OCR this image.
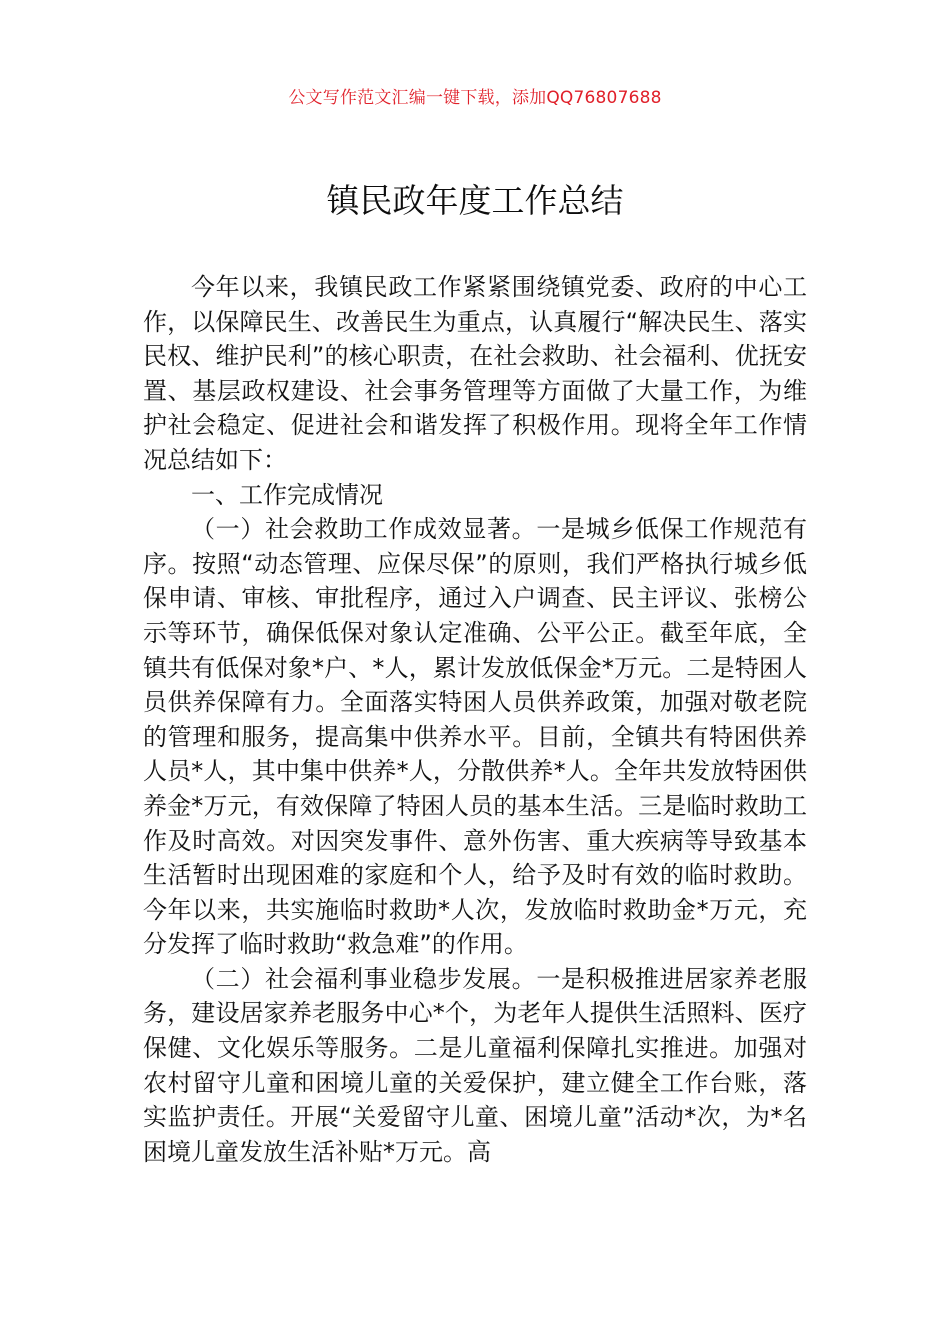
公文写作范文汇编一键下载，添加QQ76807688
镇民政年度工作总结

今年以来，我镇民政工作紧紧围绕镇党委、政府的中心工作，以保障民生、改善民生为重点，认真履行“解决民生、落实民权、维护民利”的核心职责，在社会救助、社会福利、优抚安置、基层政权建设、社会事务管理等方面做了大量工作，为维护社会稳定、促进社会和谐发挥了积极作用。现将全年工作情况总结如下：

一、工作完成情况

（一）社会救助工作成效显著。一是城乡低保工作规范有序。按照“动态管理、应保尽保”的原则，我们严格执行城乡低保申请、审核、审批程序，通过入户调查、民主评议、张榜公示等环节，确保低保对象认定准确、公平公正。截至年底，全镇共有低保对象*户、*人，累计发放低保金*万元。二是特困人员供养保障有力。全面落实特困人员供养政策，加强对敬老院的管理和服务，提高集中供养水平。目前，全镇共有特困供养人员*人，其中集中供养*人，分散供养*人。全年共发放特困供养金*万元，有效保障了特困人员的基本生活。三是临时救助工作及时高效。对因突发事件、意外伤害、重大疾病等导致基本生活暂时出现困难的家庭和个人，给予及时有效的临时救助。今年以来，共实施临时救助*人次，发放临时救助金*万元，充分发挥了临时救助“救急难”的作用。

（二）社会福利事业稳步发展。一是积极推进居家养老服务，建设居家养老服务中心*个，为老年人提供生活照料、医疗保健、文化娱乐等服务。二是儿童福利保障扎实推进。加强对农村留守儿童和困境儿童的关爱保护，建立健全工作台账，落实监护责任。开展“关爱留守儿童、困境儿童”活动*次，为*名困境儿童发放生活补贴*万元。高
